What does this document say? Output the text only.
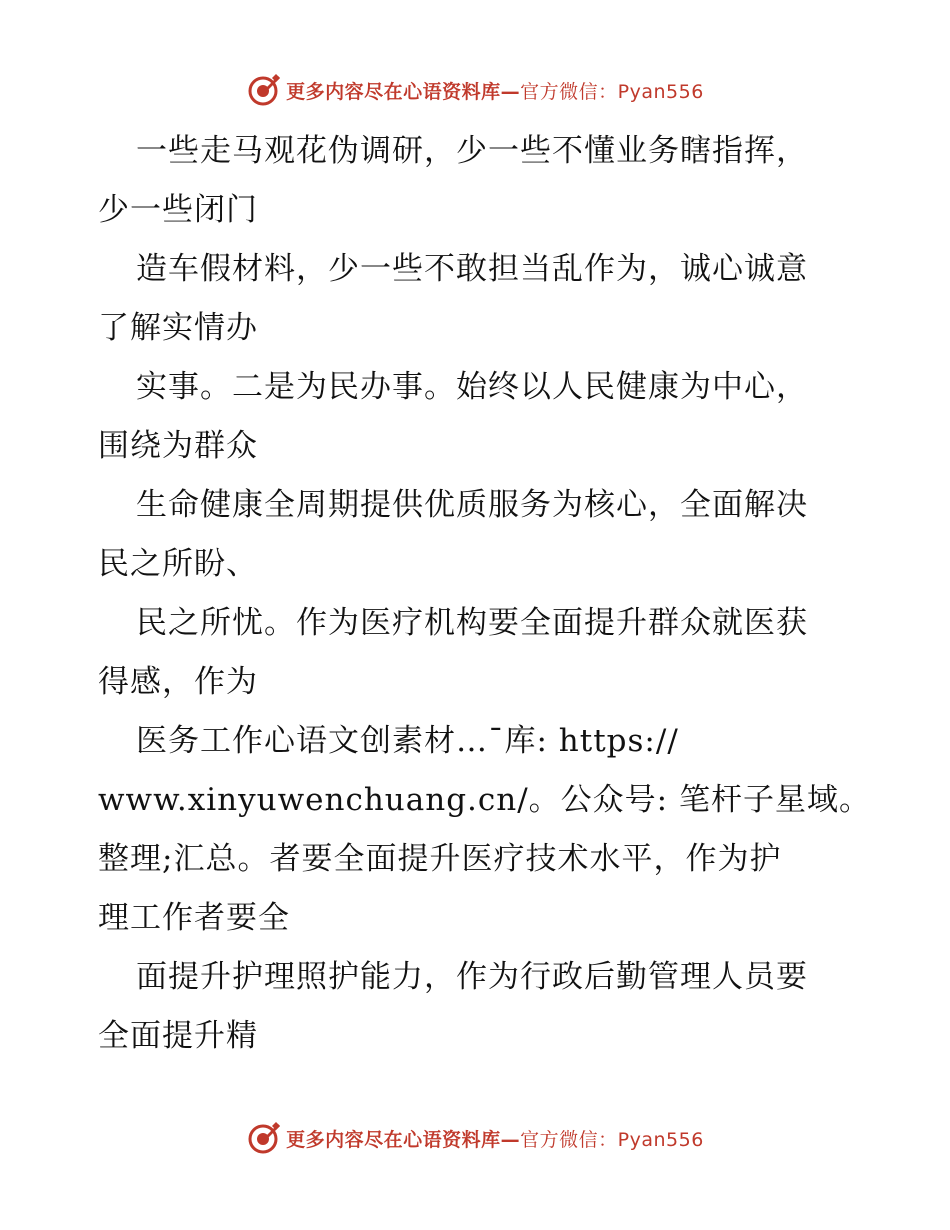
更多内容尽在心语资料库—官方微信：Pyan556
一些走马观花伪调研，少一些不懂业务瞎指挥，
少一些闭门
造车假材料，少一些不敢担当乱作为，诚心诚意
了解实情办
实事。二是为民办事。始终以人民健康为中心，
围绕为群众
生命健康全周期提供优质服务为核心，全面解决
民之所盼、
民之所忧。作为医疗机构要全面提升群众就医获
得感，作为
医务工作心语文创素材…¯库: https://
www.xinyuwenchuang.cn/。公众号: 笔杆子星域。
整理;汇总。者要全面提升医疗技术水平，作为护
理工作者要全
面提升护理照护能力，作为行政后勤管理人员要
全面提升精
更多内容尽在心语资料库—官方微信：Pyan556
